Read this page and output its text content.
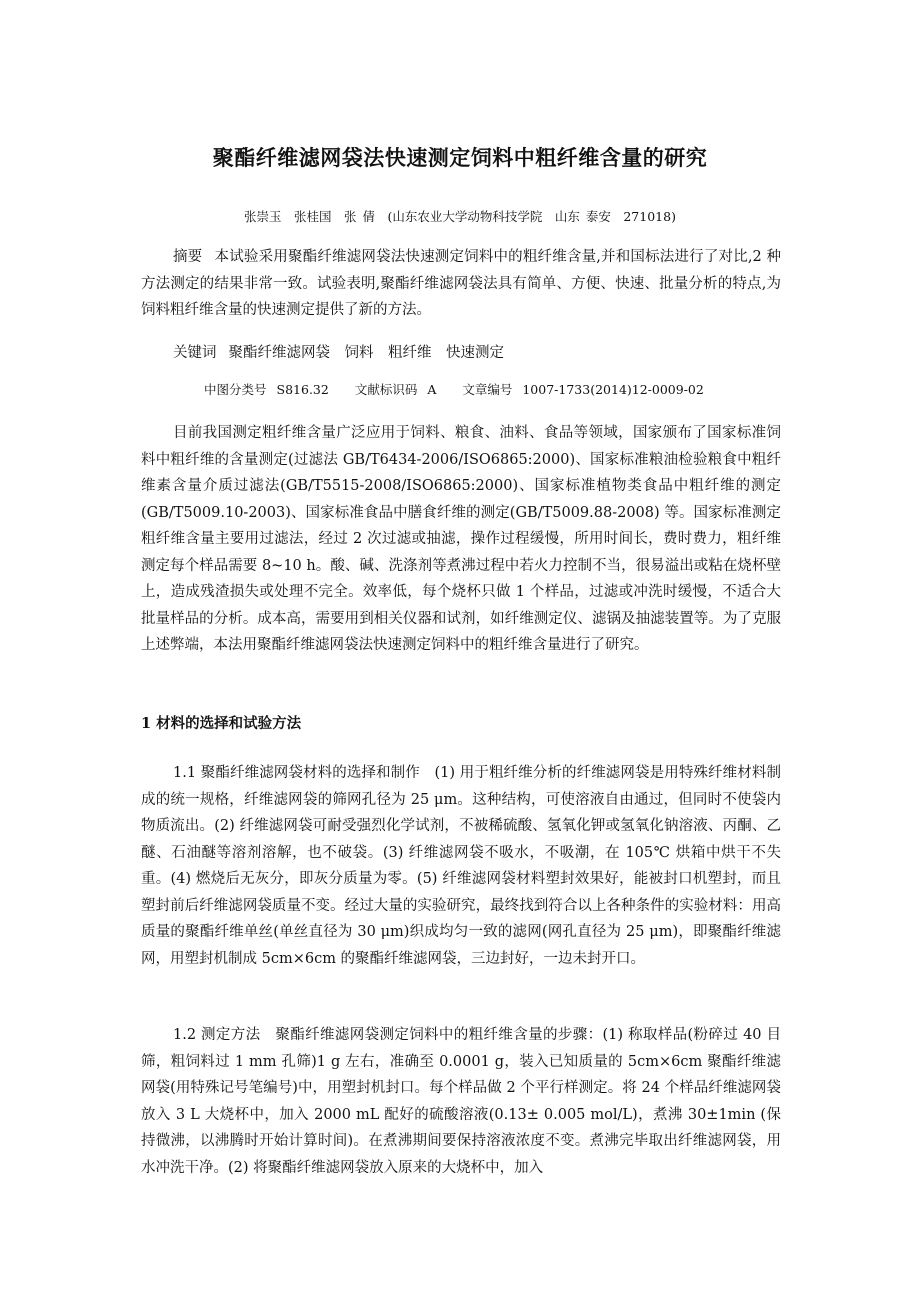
聚酯纤维滤网袋法快速测定饲料中粗纤维含量的研究
张崇玉　张桂国　张 倩　(山东农业大学动物科技学院　山东 泰安　271018)
摘要 本试验采用聚酯纤维滤网袋法快速测定饲料中的粗纤维含量,并和国标法进行了对比,2 种方法测定的结果非常一致。试验表明,聚酯纤维滤网袋法具有简单、方便、快速、批量分析的特点,为饲料粗纤维含量的快速测定提供了新的方法。
关键词 聚酯纤维滤网袋　饲料　粗纤维　快速测定
中图分类号 S816.32 文献标识码 A 文章编号 1007-1733(2014)12-0009-02
目前我国测定粗纤维含量广泛应用于饲料、粮食、油料、食品等领域，国家颁布了国家标准饲料中粗纤维的含量测定(过滤法 GB/T6434-2006/ISO6865:2000)、国家标准粮油检验粮食中粗纤维素含量介质过滤法(GB/T5515-2008/ISO6865:2000)、国家标准植物类食品中粗纤维的测定(GB/T5009.10-2003)、国家标准食品中膳食纤维的测定(GB/T5009.88-2008) 等。国家标准测定粗纤维含量主要用过滤法，经过 2 次过滤或抽滤，操作过程缓慢，所用时间长，费时费力，粗纤维测定每个样品需要 8~10 h。酸、碱、洗涤剂等煮沸过程中若火力控制不当，很易溢出或粘在烧杯壁上，造成残渣损失或处理不完全。效率低，每个烧杯只做 1 个样品，过滤或冲洗时缓慢，不适合大批量样品的分析。成本高，需要用到相关仪器和试剂，如纤维测定仪、滤锅及抽滤装置等。为了克服上述弊端，本法用聚酯纤维滤网袋法快速测定饲料中的粗纤维含量进行了研究。
1 材料的选择和试验方法
1.1 聚酯纤维滤网袋材料的选择和制作　(1) 用于粗纤维分析的纤维滤网袋是用特殊纤维材料制成的统一规格，纤维滤网袋的筛网孔径为 25 μm。这种结构，可使溶液自由通过，但同时不使袋内物质流出。(2) 纤维滤网袋可耐受强烈化学试剂，不被稀硫酸、氢氧化钾或氢氧化钠溶液、丙酮、乙醚、石油醚等溶剂溶解，也不破袋。(3) 纤维滤网袋不吸水，不吸潮，在 105℃ 烘箱中烘干不失重。(4) 燃烧后无灰分，即灰分质量为零。(5) 纤维滤网袋材料塑封效果好，能被封口机塑封，而且塑封前后纤维滤网袋质量不变。经过大量的实验研究，最终找到符合以上各种条件的实验材料：用高质量的聚酯纤维单丝(单丝直径为 30 μm)织成均匀一致的滤网(网孔直径为 25 μm)，即聚酯纤维滤网，用塑封机制成 5cm×6cm 的聚酯纤维滤网袋，三边封好，一边未封开口。
1.2 测定方法　聚酯纤维滤网袋测定饲料中的粗纤维含量的步骤：(1) 称取样品(粉碎过 40 目筛，粗饲料过 1 mm 孔筛)1 g 左右，准确至 0.0001 g，装入已知质量的 5cm×6cm 聚酯纤维滤网袋(用特殊记号笔编号)中，用塑封机封口。每个样品做 2 个平行样测定。将 24 个样品纤维滤网袋放入 3 L 大烧杯中，加入 2000 mL 配好的硫酸溶液(0.13± 0.005 mol/L)，煮沸 30±1min (保持微沸，以沸腾时开始计算时间)。在煮沸期间要保持溶液浓度不变。煮沸完毕取出纤维滤网袋，用水冲洗干净。(2) 将聚酯纤维滤网袋放入原来的大烧杯中，加入
